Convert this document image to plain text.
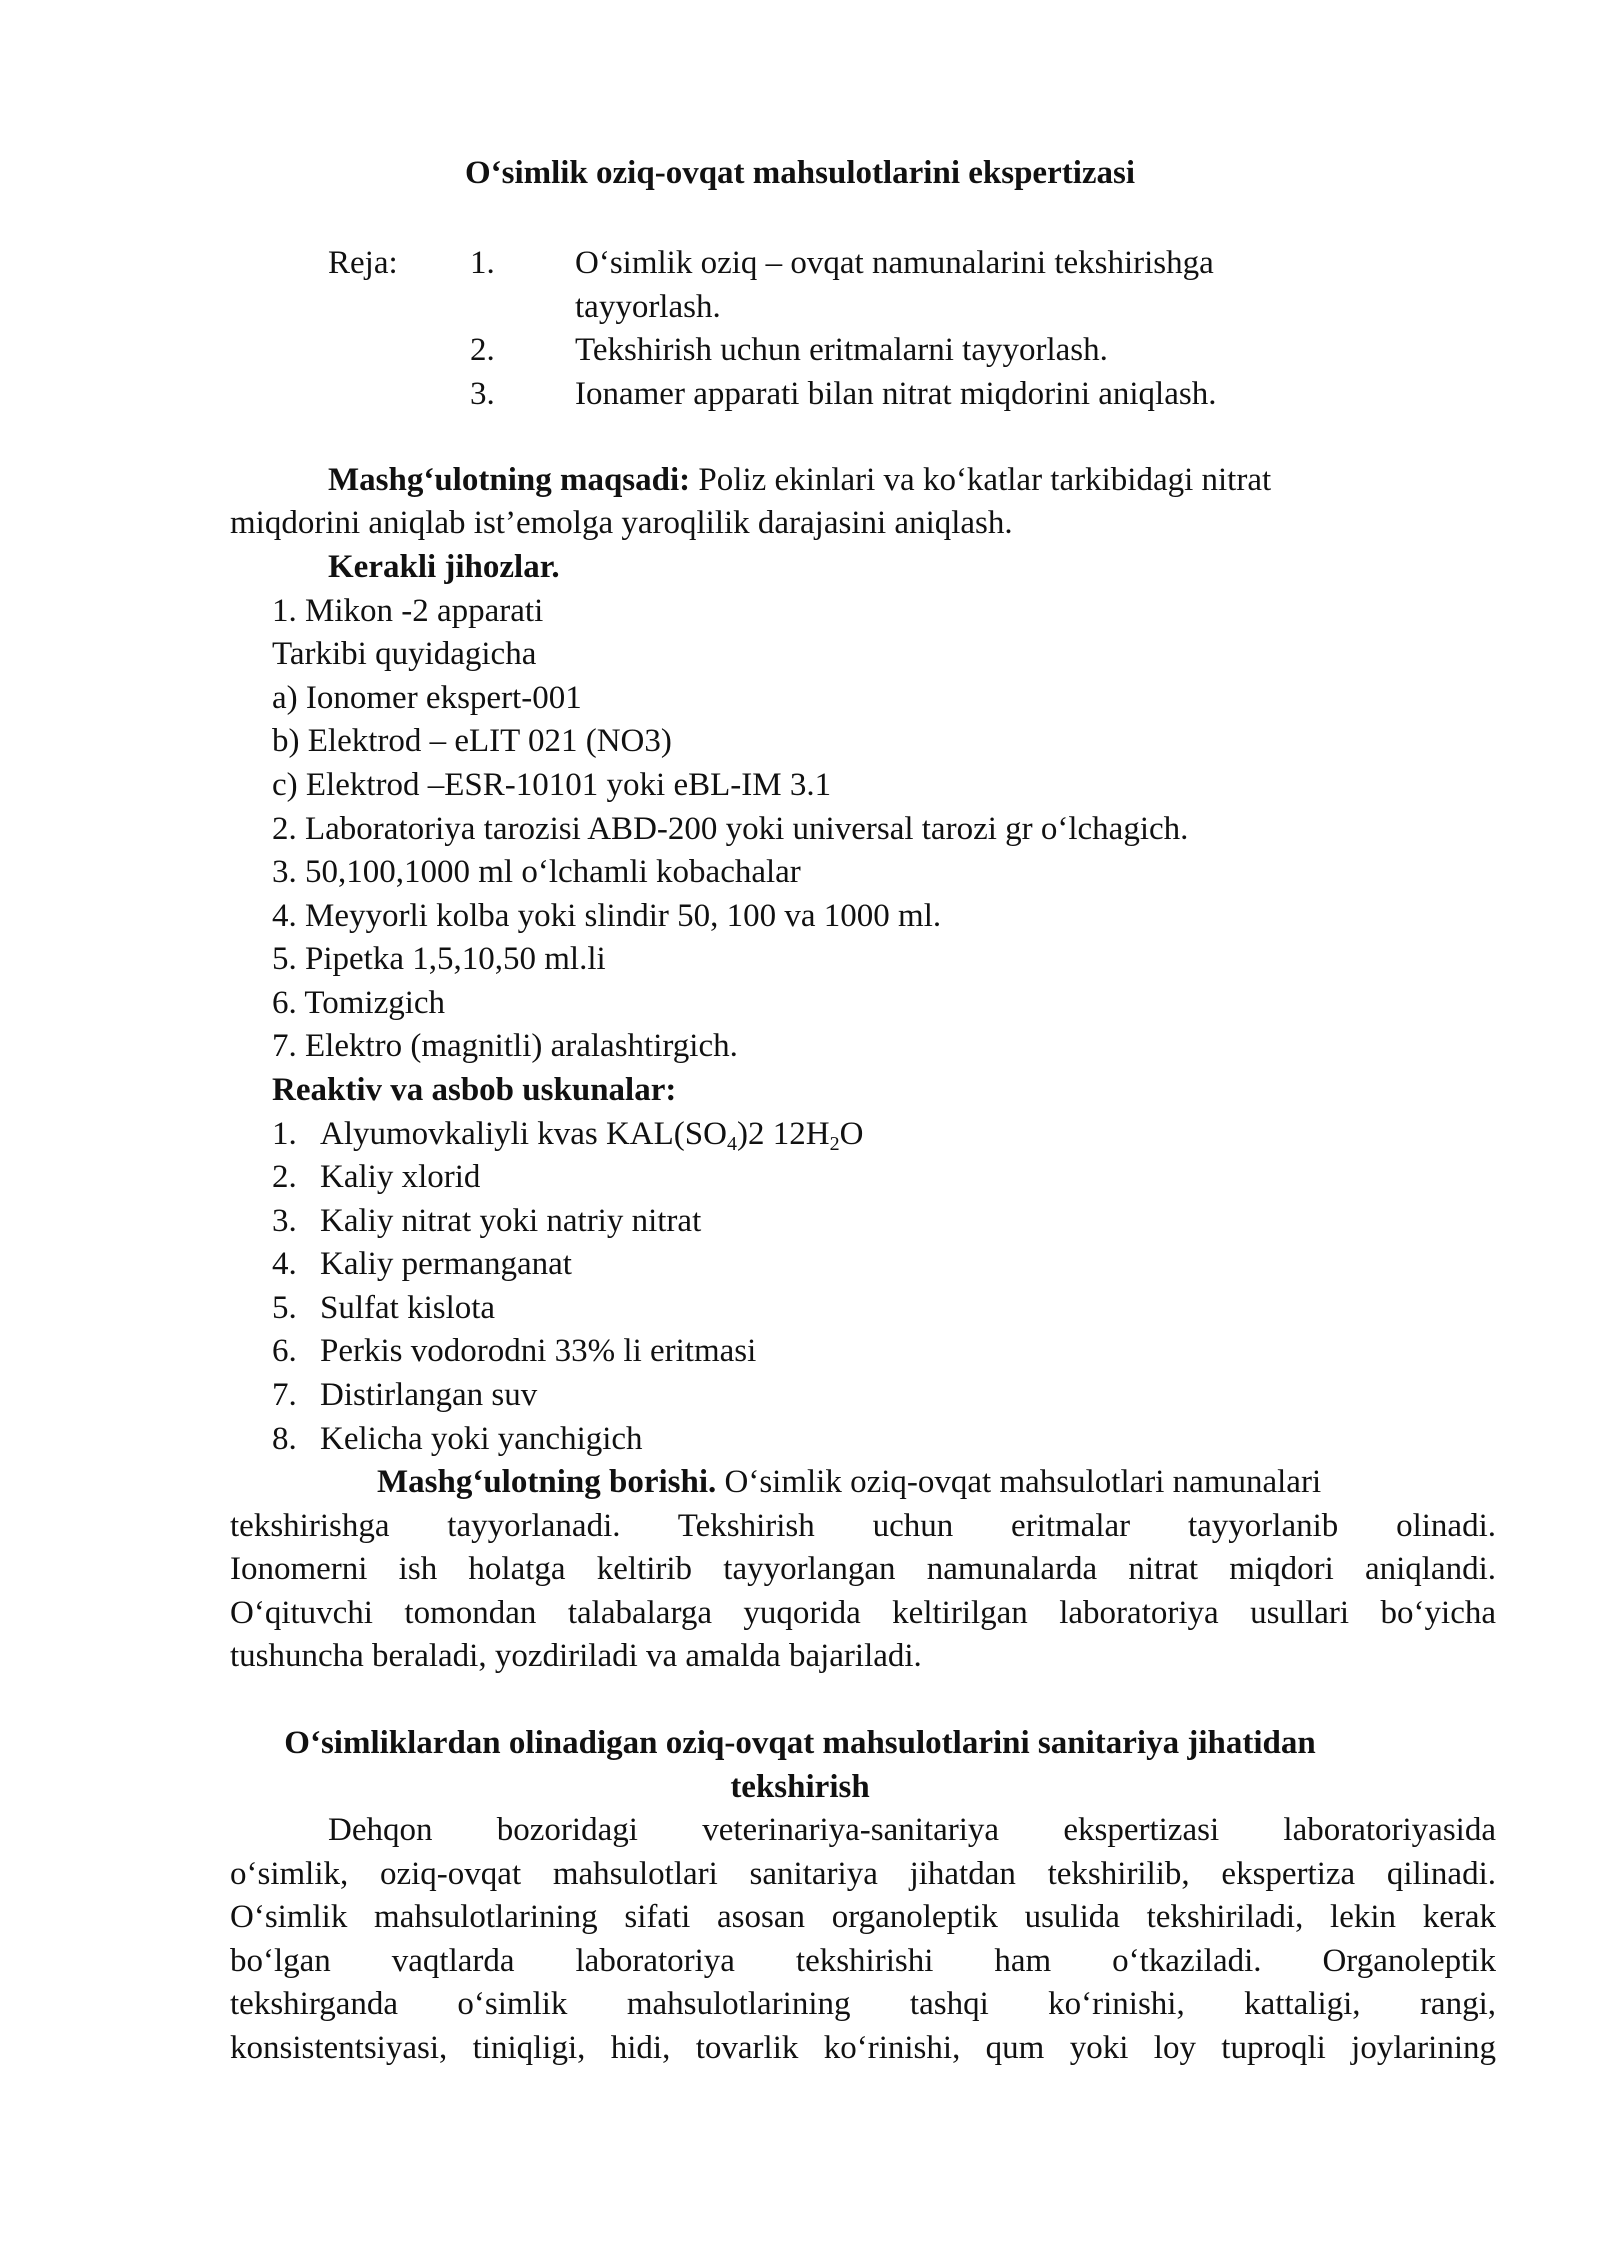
O‘simlik oziq-ovqat mahsulotlarini ekspertizasi
Reja: 1. O‘simlik oziq – ovqat namunalarini tekshirishga
tayyorlash.
2. Tekshirish uchun eritmalarni tayyorlash.
3. Ionamer apparati bilan nitrat miqdorini aniqlash.
Mashg‘ulotning maqsadi: Poliz ekinlari va ko‘katlar tarkibidagi nitrat
miqdorini aniqlab ist’emolga yaroqlilik darajasini aniqlash.
Kerakli jihozlar.
1. Mikon -2 apparati
Tarkibi quyidagicha
a) Ionomer ekspert-001
b) Elektrod – eLIT 021 (NO3)
c) Elektrod –ESR-10101 yoki eBL-IM 3.1
2. Laboratoriya tarozisi ABD-200 yoki universal tarozi gr o‘lchagich.
3. 50,100,1000 ml o‘lchamli kobachalar
4. Meyyorli kolba yoki slindir 50, 100 va 1000 ml.
5. Pipetka 1,5,10,50 ml.li
6. Tomizgich
7. Elektro (magnitli) aralashtirgich.
Reaktiv va asbob uskunalar:
1. Alyumovkaliyli kvas $KAL(SO_4)2$ $12H_2O$
2. Kaliy xlorid
3. Kaliy nitrat yoki natriy nitrat
4. Kaliy permanganat
5. Sulfat kislota
6. Perkis vodorodni 33% li eritmasi
7. Distirlangan suv
8. Kelicha yoki yanchigich
Mashg‘ulotning borishi. O‘simlik oziq-ovqat mahsulotlari namunalari
tekshirishga tayyorlanadi. Tekshirish uchun eritmalar tayyorlanib olinadi.
Ionomerni ish holatga keltirib tayyorlangan namunalarda nitrat miqdori aniqlandi.
O‘qituvchi tomondan talabalarga yuqorida keltirilgan laboratoriya usullari bo‘yicha
tushuncha beraladi, yozdiriladi va amalda bajariladi.
O‘simliklardan olinadigan oziq-ovqat mahsulotlarini sanitariya jihatidan
tekshirish
Dehqon bozoridagi veterinariya-sanitariya ekspertizasi laboratoriyasida
o‘simlik, oziq-ovqat mahsulotlari sanitariya jihatdan tekshirilib, ekspertiza qilinadi.
O‘simlik mahsulotlarining sifati asosan organoleptik usulida tekshiriladi, lekin kerak
bo‘lgan vaqtlarda laboratoriya tekshirishi ham o‘tkaziladi. Organoleptik
tekshirganda o‘simlik mahsulotlarining tashqi ko‘rinishi, kattaligi, rangi,
konsistentsiyasi, tiniqligi, hidi, tovarlik ko‘rinishi, qum yoki loy tuproqli joylarining
